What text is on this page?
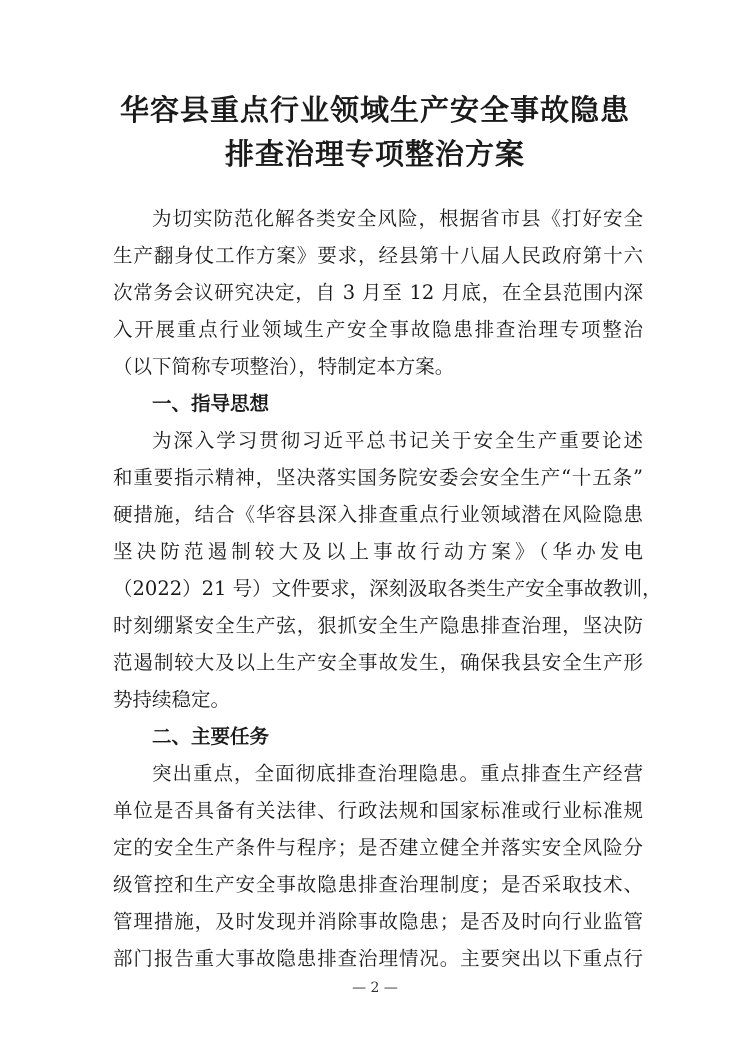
华容县重点行业领域生产安全事故隐患
排查治理专项整治方案
为切实防范化解各类安全风险，根据省市县《打好安全
生产翻身仗工作方案》要求，经县第十八届人民政府第十六
次常务会议研究决定，自 3 月至 12 月底，在全县范围内深
入开展重点行业领域生产安全事故隐患排查治理专项整治
（以下简称专项整治），特制定本方案。
一、指导思想
为深入学习贯彻习近平总书记关于安全生产重要论述
和重要指示精神，坚决落实国务院安委会安全生产“十五条”
硬措施，结合《华容县深入排查重点行业领域潜在风险隐患
坚决防范遏制较大及以上事故行动方案》（华办发电
（2022）21 号）文件要求，深刻汲取各类生产安全事故教训，
时刻绷紧安全生产弦，狠抓安全生产隐患排查治理，坚决防
范遏制较大及以上生产安全事故发生，确保我县安全生产形
势持续稳定。
二、主要任务
突出重点，全面彻底排查治理隐患。重点排查生产经营
单位是否具备有关法律、行政法规和国家标准或行业标准规
定的安全生产条件与程序；是否建立健全并落实安全风险分
级管控和生产安全事故隐患排查治理制度；是否采取技术、
管理措施，及时发现并消除事故隐患；是否及时向行业监管
部门报告重大事故隐患排查治理情况。主要突出以下重点行
— 2 —
